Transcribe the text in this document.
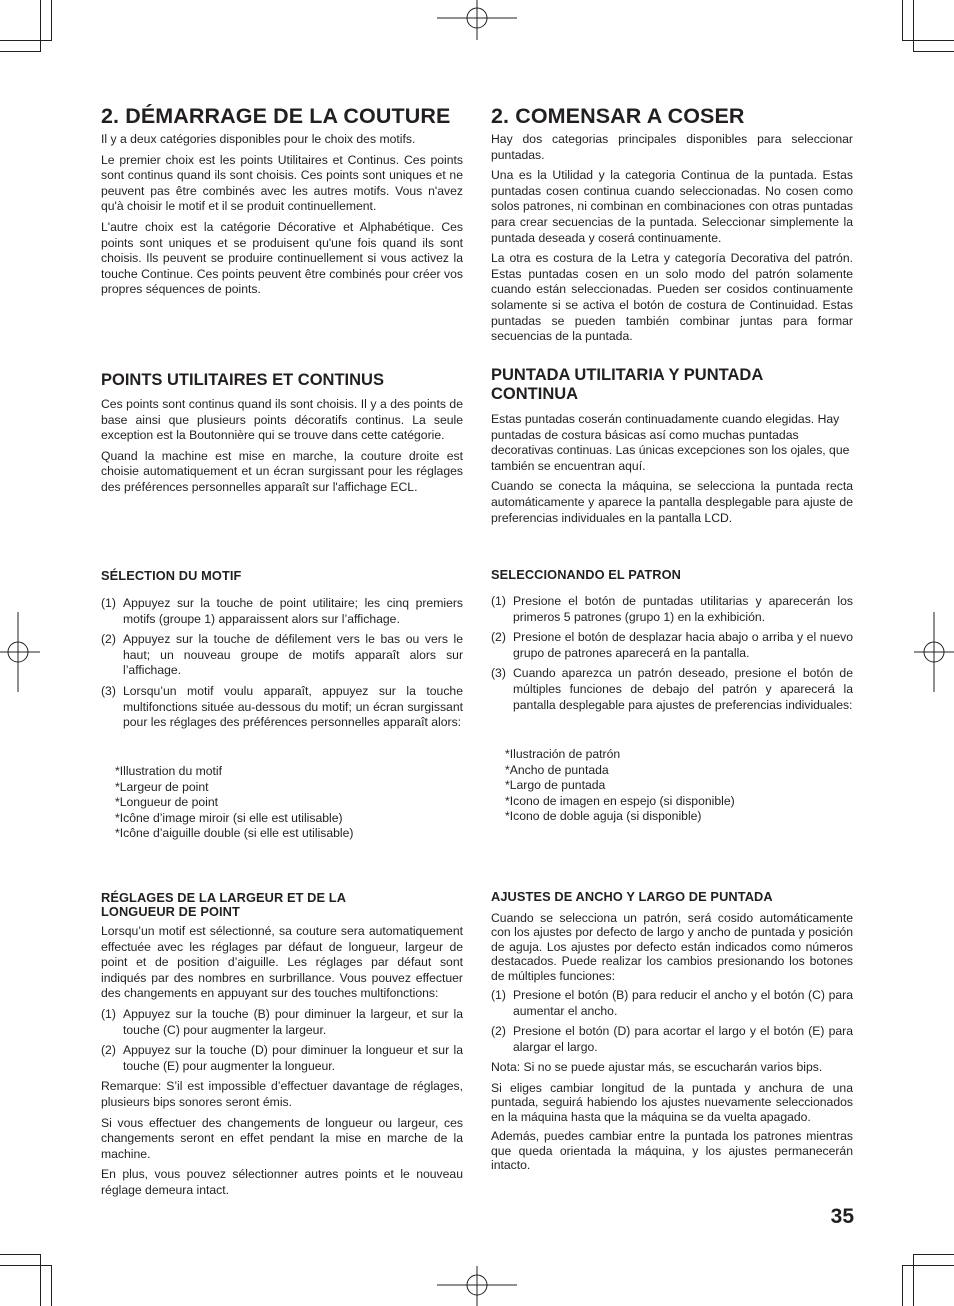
2. DÉMARRAGE DE LA COUTURE

Il y a deux catégories disponibles pour le choix des motifs.

Le premier choix est les points Utilitaires et Continus. Ces points sont continus quand ils sont choisis. Ces points sont uniques et ne peuvent pas être combinés avec les autres motifs. Vous n'avez qu'à choisir le motif et il se produit continuellement.

L'autre choix est la catégorie Décorative et Alphabétique. Ces points sont uniques et se produisent qu'une fois quand ils sont choisis. Ils peuvent se produire continuellement si vous activez la touche Continue. Ces points peuvent être combinés pour créer vos propres séquences de points.

POINTS UTILITAIRES ET CONTINUS

Ces points sont continus quand ils sont choisis. Il y a des points de base ainsi que plusieurs points décoratifs continus. La seule exception est la Boutonnière qui se trouve dans cette catégorie.

Quand la machine est mise en marche, la couture droite est choisie automatiquement et un écran surgissant pour les réglages des préférences personnelles apparaît sur l'affichage ECL.

SÉLECTION DU MOTIF
(1) Appuyez sur la touche de point utilitaire; les cinq premiers motifs (groupe 1) apparaissent alors sur l’affichage.
(2) Appuyez sur la touche de défilement vers le bas ou vers le haut; un nouveau groupe de motifs apparaît alors sur l’affichage.
(3) Lorsqu’un motif voulu apparaît, appuyez sur la touche multifonctions située au-dessous du motif; un écran surgissant pour les réglages des préférences personnelles apparaît alors:
*Illustration du motif
*Largeur de point
*Longueur de point
*Icône d’image miroir (si elle est utilisable)
*Icône d’aiguille double (si elle est utilisable)
RÉGLAGES DE LA LARGEUR ET DE LA
LONGUEUR DE POINT

Lorsqu’un motif est sélectionné, sa couture sera automatiquement effectuée avec les réglages par défaut de longueur, largeur de point et de position d’aiguille. Les réglages par défaut sont indiqués par des nombres en surbrillance. Vous pouvez effectuer des changements en appuyant sur des touches multifonctions:

(1) Appuyez sur la touche (B) pour diminuer la largeur, et sur la touche (C) pour augmenter la largeur.
(2) Appuyez sur la touche (D) pour diminuer la longueur et sur la touche (E) pour augmenter la longueur.

Remarque: S’il est impossible d’effectuer davantage de réglages, plusieurs bips sonores seront émis.

Si vous effectuer des changements de longueur ou largeur, ces changements seront en effet pendant la mise en marche de la machine.

En plus, vous pouvez sélectionner autres points et le nouveau réglage demeura intact.

2. COMENSAR A COSER

Hay dos categorias principales disponibles para seleccionar puntadas.

Una es la Utilidad y la categoria Continua de la puntada. Estas puntadas cosen continua cuando seleccionadas. No cosen como solos patrones, ni combinan en combinaciones con otras puntadas para crear secuencias de la puntada. Seleccionar simplemente la puntada deseada y coserá continuamente.

La otra es costura de la Letra y categoría Decorativa del patrón. Estas puntadas cosen en un solo modo del patrón solamente cuando están seleccionadas. Pueden ser cosidos continuamente solamente si se activa el botón de costura de Continuidad. Estas puntadas se pueden también combinar juntas para formar secuencias de la puntada.

PUNTADA UTILITARIA Y PUNTADA
CONTINUA

Estas puntadas coserán continuadamente cuando elegidas. Hay puntadas de costura básicas así como muchas puntadas decorativas continuas. Las únicas excepciones son los ojales, que también se encuentran aquí.

Cuando se conecta la máquina, se selecciona la puntada recta automáticamente y aparece la pantalla desplegable para ajuste de preferencias individuales en la pantalla LCD.

SELECCIONANDO EL PATRON
(1) Presione el botón de puntadas utilitarias y aparecerán los primeros 5 patrones (grupo 1) en la exhibición.
(2) Presione el botón de desplazar hacia abajo o arriba y el nuevo grupo de patrones aparecerá en la pantalla.
(3) Cuando aparezca un patrón deseado, presione el botón de múltiples funciones de debajo del patrón y aparecerá la pantalla desplegable para ajustes de preferencias individuales:
*Ilustración de patrón
*Ancho de puntada
*Largo de puntada
*Icono de imagen en espejo (si disponible)
*Icono de doble aguja (si disponible)
AJUSTES DE ANCHO Y LARGO DE PUNTADA

Cuando se selecciona un patrón, será cosido automáticamente con los ajustes por defecto de largo y ancho de puntada y posición de aguja. Los ajustes por defecto están indicados como números destacados. Puede realizar los cambios presionando los botones de múltiples funciones:

(1) Presione el botón (B) para reducir el ancho y el botón (C) para aumentar el ancho.
(2) Presione el botón (D) para acortar el largo y el botón (E) para alargar el largo.

Nota: Si no se puede ajustar más, se escucharán varios bips.

Si eliges cambiar longitud de la puntada y anchura de una puntada, seguirá habiendo los ajustes nuevamente seleccionados en la máquina hasta que la máquina se da vuelta apagado.

Además, puedes cambiar entre la puntada los patrones mientras que queda orientada la máquina, y los ajustes permanecerán intacto.

35
